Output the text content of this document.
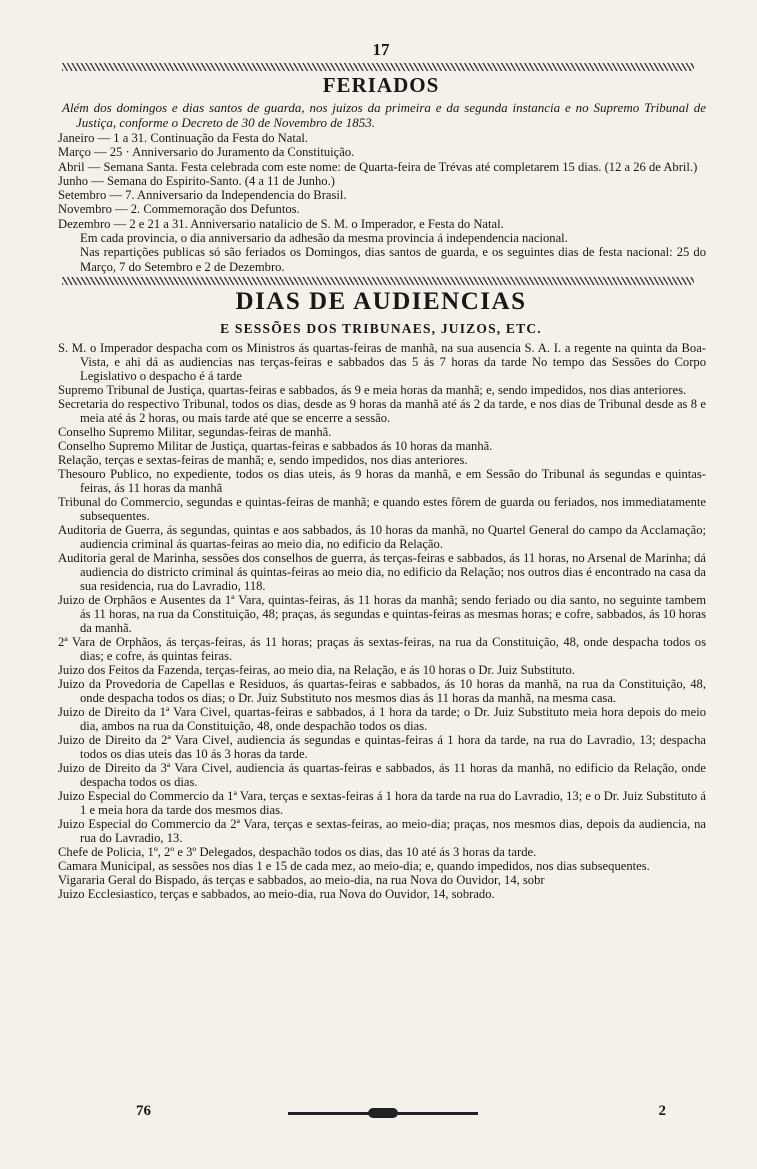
17
FERIADOS
Além dos domingos e dias santos de guarda, nos juizos da primeira e da segunda instancia e no Supremo Tribunal de Justiça, conforme o Decreto de 30 de Novembro de 1853.
Janeiro — 1 a 31. Continuação da Festa do Natal.
Março — 25 · Anniversario do Juramento da Constituição.
Abril — Semana Santa. Festa celebrada com este nome: de Quarta-feira de Trévas até completarem 15 dias. (12 a 26 de Abril.)
Junho — Semana do Espirito-Santo. (4 a 11 de Junho.)
Setembro — 7. Anniversario da Independencia do Brasil.
Novembro — 2. Commemoração dos Defuntos.
Dezembro — 2 e 21 a 31. Anniversario natalicio de S. M. o Imperador, e Festa do Natal.
Em cada provincia, o dia anniversario da adhesão da mesma provincia á independencia nacional.
Nas repartições publicas só são feriados os Domingos, dias santos de guarda, e os seguintes dias de festa nacional: 25 do Março, 7 do Setembro e 2 de Dezembro.
DIAS DE AUDIENCIAS
E SESSÕES DOS TRIBUNAES, JUIZOS, ETC.
S. M. o Imperador despacha com os Ministros ás quartas-feiras de manhã, na sua ausencia S. A. I. a regente na quinta da Boa-Vista, e ahi dá as audiencias nas terças-feiras e sabbados das 5 ás 7 horas da tarde No tempo das Sessões do Corpo Legislativo o despacho é á tarde
Supremo Tribunal de Justiça, quartas-feiras e sabbados, ás 9 e meia horas da manhã; e, sendo impedidos, nos dias anteriores.
Secretaria do respectivo Tribunal, todos os dias, desde as 9 horas da manhã até ás 2 da tarde, e nos dias de Tribunal desde as 8 e meia até ás 2 horas, ou mais tarde até que se encerre a sessão.
Conselho Supremo Militar, segundas-feiras de manhã.
Conselho Supremo Militar de Justiça, quartas-feiras e sabbados ás 10 horas da manhã.
Relação, terças e sextas-feiras de manhã; e, sendo impedidos, nos dias anteriores.
Thesouro Publico, no expediente, todos os dias uteis, ás 9 horas da manhã, e em Sessão do Tribunal ás segundas e quintas-feiras, ás 11 horas da manhã
Tribunal do Commercio, segundas e quintas-feiras de manhã; e quando estes fôrem de guarda ou feriados, nos immediatamente subsequentes.
Auditoria de Guerra, ás segundas, quintas e aos sabbados, ás 10 horas da manhã, no Quartel General do campo da Acclamação; audiencia criminal ás quartas-feiras ao meio dia, no edificio da Relação.
Auditoria geral de Marinha, sessões dos conselhos de guerra, ás terças-feiras e sabbados, ás 11 horas, no Arsenal de Marinha; dá audiencia do districto criminal ás quintas-feiras ao meio dia, no edificio da Relação; nos outros dias é encontrado na casa da sua residencia, rua do Lavradio, 118.
Juizo de Orphãos e Ausentes da 1ª Vara, quintas-feiras, ás 11 horas da manhã; sendo feriado ou dia santo, no seguinte tambem ás 11 horas, na rua da Constituição, 48; praças, ás segundas e quintas-feiras as mesmas horas; e cofre, sabbados, ás 10 horas da manhã.
2ª Vara de Orphãos, ás terças-feiras, ás 11 horas; praças ás sextas-feiras, na rua da Constituição, 48, onde despacha todos os dias; e cofre, ás quintas feiras.
Juizo dos Feitos da Fazenda, terças-feiras, ao meio dia, na Relação, e ás 10 horas o Dr. Juiz Substituto.
Juizo da Provedoria de Capellas e Residuos, ás quartas-feiras e sabbados, ás 10 horas da manhã, na rua da Constituição, 48, onde despacha todos os dias; o Dr. Juiz Substituto nos mesmos dias ás 11 horas da manhã, na mesma casa.
Juizo de Direito da 1ª Vara Civel, quartas-feiras e sabbados, á 1 hora da tarde; o Dr. Juiz Substituto meia hora depois do meio dia, ambos na rua da Constituição, 48, onde despachão todos os dias.
Juizo de Direito da 2ª Vara Civel, audiencia ás segundas e quintas-feiras á 1 hora da tarde, na rua do Lavradio, 13; despacha todos os dias uteis das 10 ás 3 horas da tarde.
Juizo de Direito da 3ª Vara Civel, audiencia ás quartas-feiras e sabbados, ás 11 horas da manhã, no edificio da Relação, onde despacha todos os dias.
Juizo Especial do Commercio da 1ª Vara, terças e sextas-feiras á 1 hora da tarde na rua do Lavradio, 13; e o Dr. Juiz Substituto á 1 e meia hora da tarde dos mesmos dias.
Juizo Especial do Commercio da 2ª Vara, terças e sextas-feiras, ao meio-dia; praças, nos mesmos dias, depois da audiencia, na rua do Lavradio, 13.
Chefe de Policia, 1º, 2º e 3º Delegados, despachão todos os dias, das 10 até ás 3 horas da tarde.
Camara Municipal, as sessões nos dias 1 e 15 de cada mez, ao meio-dia; e, quando impedidos, nos dias subsequentes.
Vigararia Geral do Bispado, ás terças e sabbados, ao meio-dia, na rua Nova do Ouvidor, 14, sobr
Juizo Ecclesiastico, terças e sabbados, ao meio-dia, rua Nova do Ouvidor, 14, sobrado.
76	2
